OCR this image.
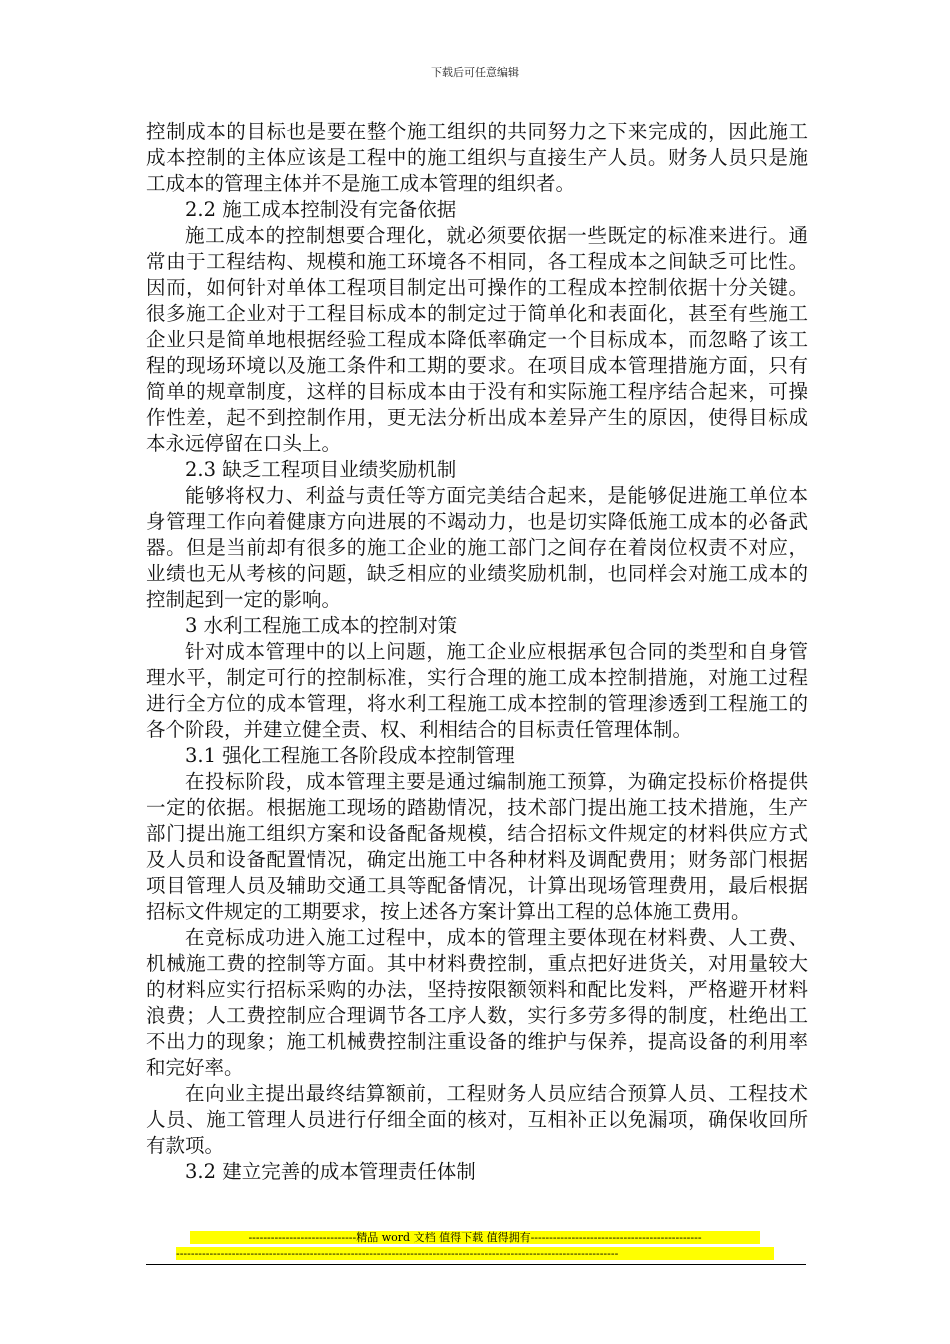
下载后可任意编辑

控制成本的目标也是要在整个施工组织的共同努力之下来完成的，因此施工成本控制的主体应该是工程中的施工组织与直接生产人员。财务人员只是施工成本的管理主体并不是施工成本管理的组织者。

2.2 施工成本控制没有完备依据

施工成本的控制想要合理化，就必须要依据一些既定的标准来进行。通常由于工程结构、规模和施工环境各不相同，各工程成本之间缺乏可比性。因而，如何针对单体工程项目制定出可操作的工程成本控制依据十分关键。很多施工企业对于工程目标成本的制定过于简单化和表面化，甚至有些施工企业只是简单地根据经验工程成本降低率确定一个目标成本，而忽略了该工程的现场环境以及施工条件和工期的要求。在项目成本管理措施方面，只有简单的规章制度，这样的目标成本由于没有和实际施工程序结合起来，可操作性差，起不到控制作用，更无法分析出成本差异产生的原因，使得目标成本永远停留在口头上。

2.3 缺乏工程项目业绩奖励机制

能够将权力、利益与责任等方面完美结合起来，是能够促进施工单位本身管理工作向着健康方向进展的不竭动力，也是切实降低施工成本的必备武器。但是当前却有很多的施工企业的施工部门之间存在着岗位权责不对应，业绩也无从考核的问题，缺乏相应的业绩奖励机制，也同样会对施工成本的控制起到一定的影响。

3 水利工程施工成本的控制对策

针对成本管理中的以上问题，施工企业应根据承包合同的类型和自身管理水平，制定可行的控制标准，实行合理的施工成本控制措施，对施工过程进行全方位的成本管理，将水利工程施工成本控制的管理渗透到工程施工的各个阶段，并建立健全责、权、利相结合的目标责任管理体制。

3.1 强化工程施工各阶段成本控制管理

在投标阶段，成本管理主要是通过编制施工预算，为确定投标价格提供一定的依据。根据施工现场的踏勘情况，技术部门提出施工技术措施，生产部门提出施工组织方案和设备配备规模，结合招标文件规定的材料供应方式及人员和设备配置情况，确定出施工中各种材料及调配费用；财务部门根据项目管理人员及辅助交通工具等配备情况，计算出现场管理费用，最后根据招标文件规定的工期要求，按上述各方案计算出工程的总体施工费用。

在竞标成功进入施工过程中，成本的管理主要体现在材料费、人工费、机械施工费的控制等方面。其中材料费控制，重点把好进货关，对用量较大的材料应实行招标采购的办法，坚持按限额领料和配比发料，严格避开材料浪费；人工费控制应合理调节各工序人数，实行多劳多得的制度，杜绝出工不出力的现象；施工机械费控制注重设备的维护与保养，提高设备的利用率和完好率。

在向业主提出最终结算额前，工程财务人员应结合预算人员、工程技术人员、施工管理人员进行仔细全面的核对，互相补正以免漏项，确保收回所有款项。

3.2 建立完善的成本管理责任体制
-----------------------------精品 word 文档 值得下载 值得拥有----------------------------------------------
-----------------------------------------------------------------------------------------------------------------------
